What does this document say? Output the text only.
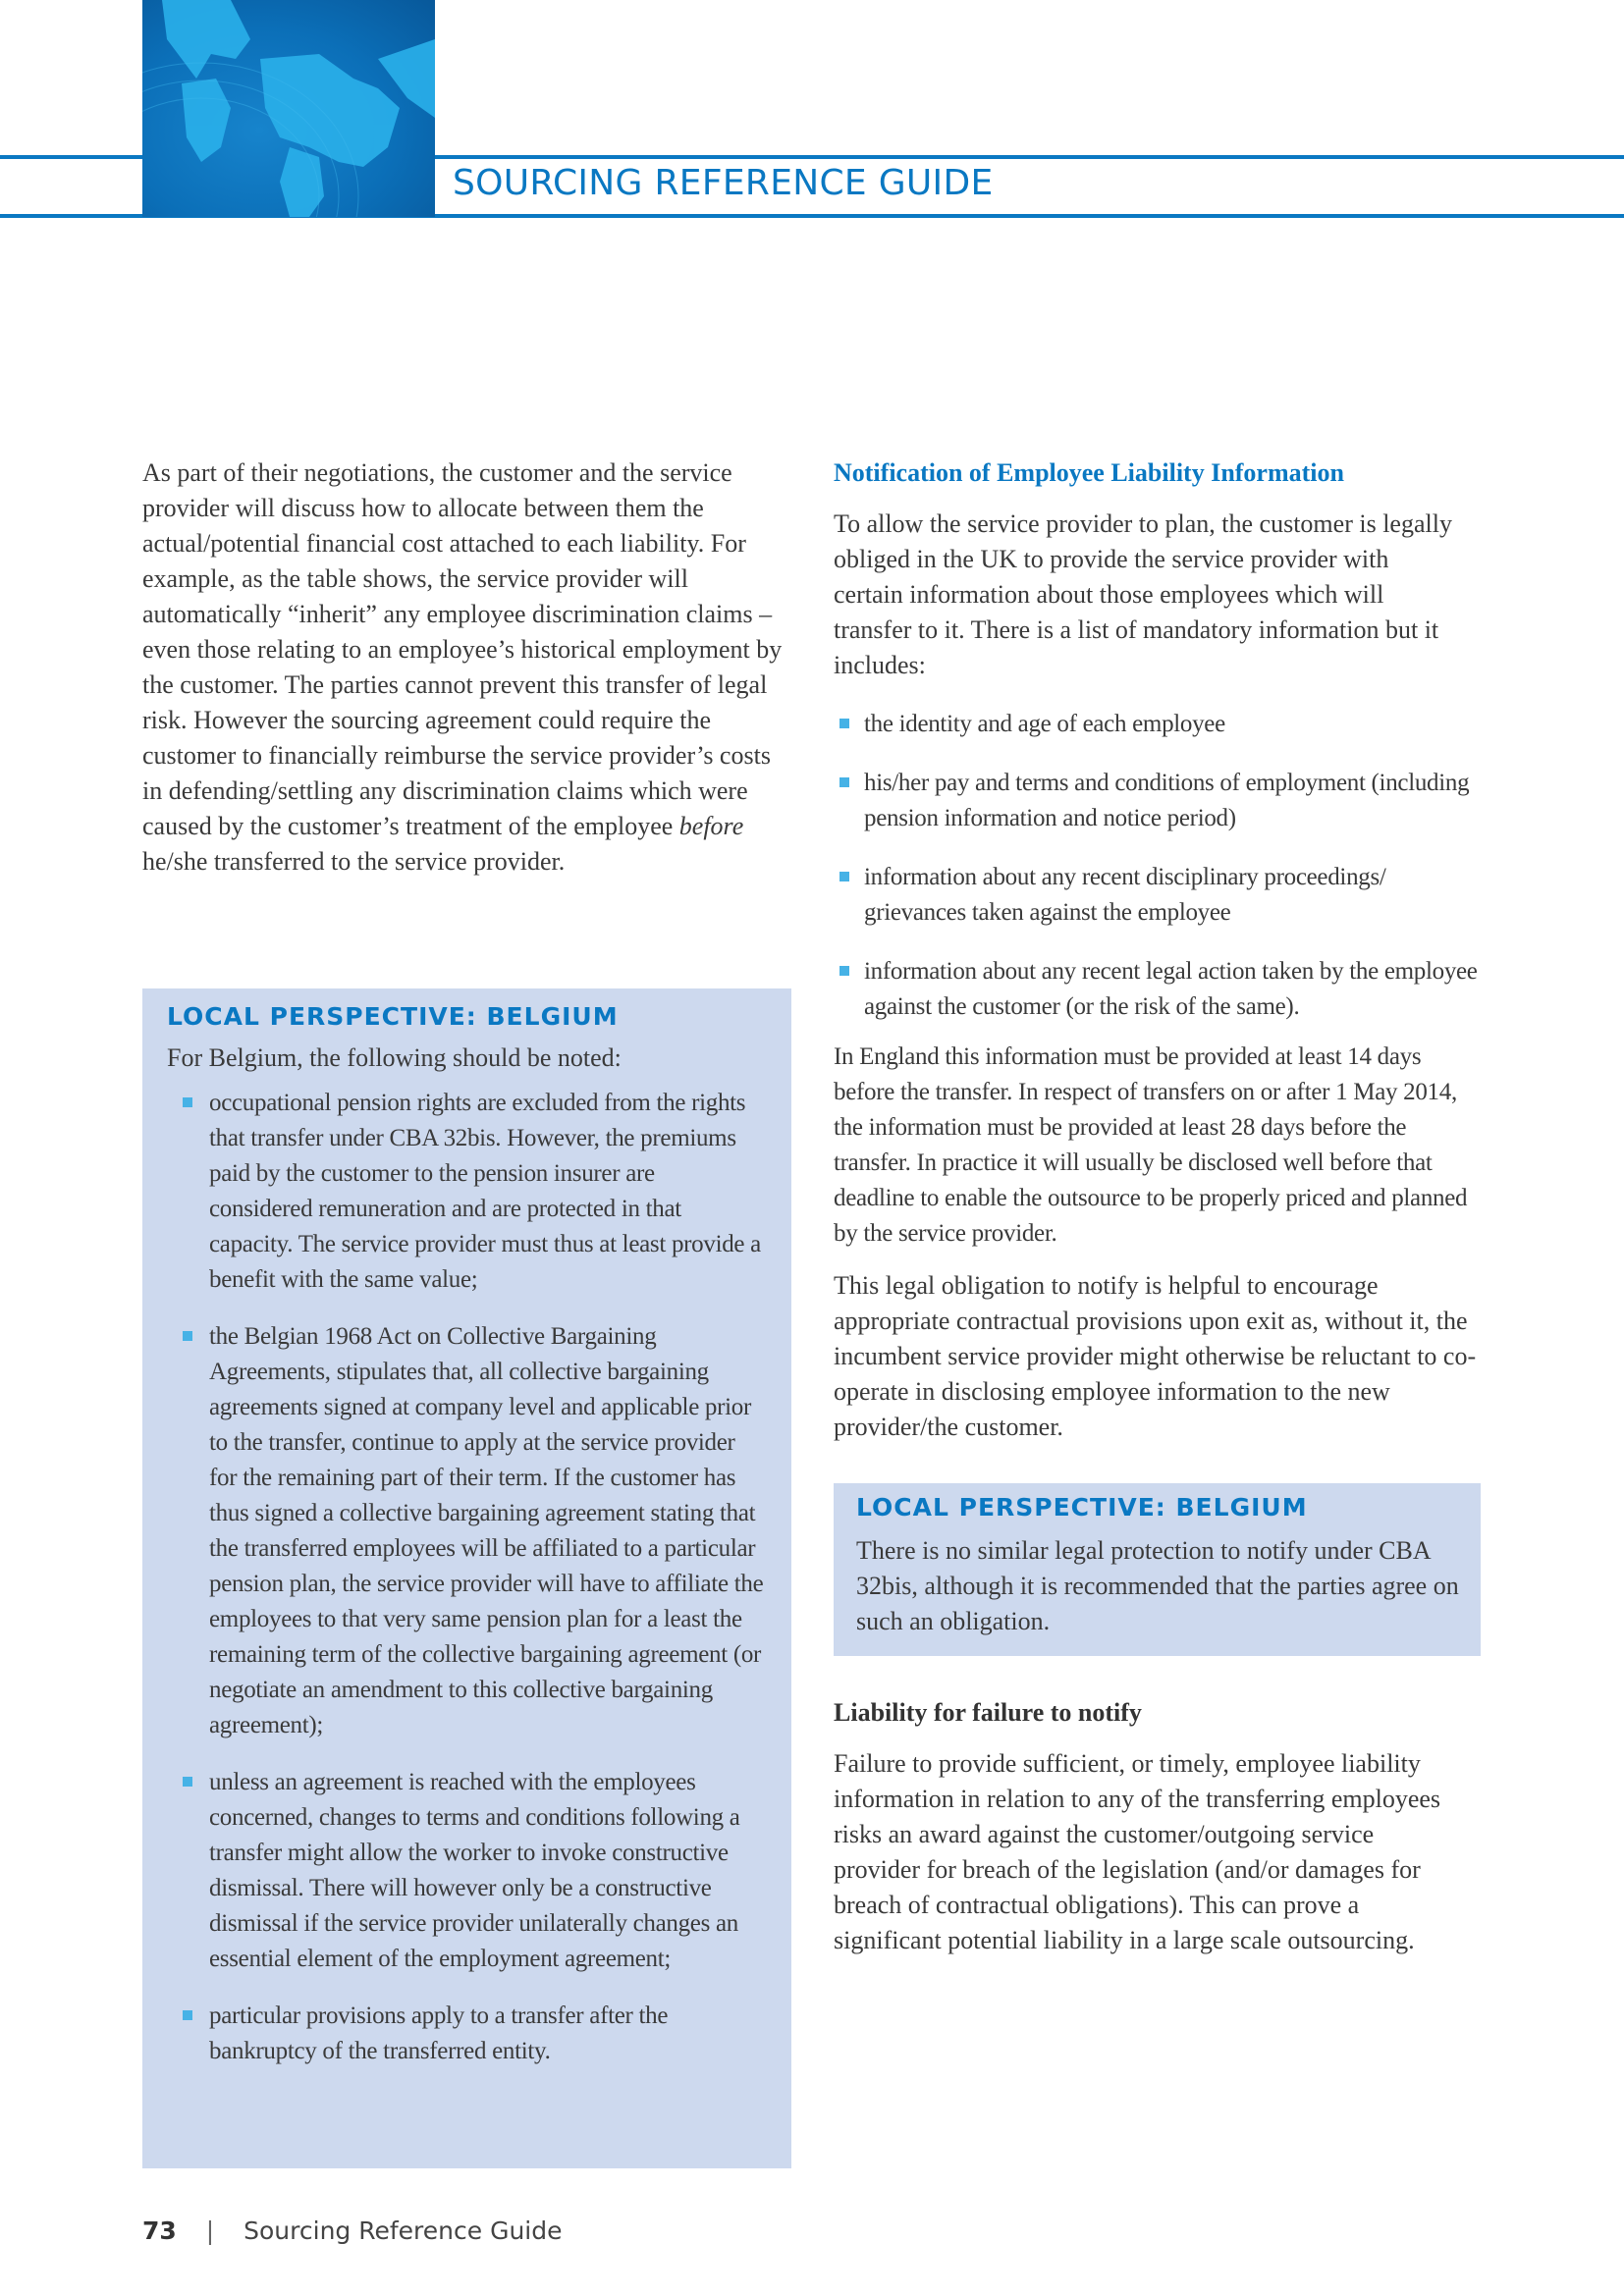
SOURCING REFERENCE GUIDE

As part of their negotiations, the customer and the service provider will discuss how to allocate between them the actual/potential financial cost attached to each liability. For example, as the table shows, the service provider will automatically “inherit” any employee discrimination claims – even those relating to an employee’s historical employment by the customer. The parties cannot prevent this transfer of legal risk. However the sourcing agreement could require the customer to financially reimburse the service provider’s costs in defending/settling any discrimination claims which were caused by the customer’s treatment of the employee before he/she transferred to the service provider.

LOCAL PERSPECTIVE: BELGIUM
For Belgium, the following should be noted:
occupational pension rights are excluded from the rights that transfer under CBA 32bis. However, the premiums paid by the customer to the pension insurer are considered remuneration and are protected in that capacity. The service provider must thus at least provide a benefit with the same value;
the Belgian 1968 Act on Collective Bargaining Agreements, stipulates that, all collective bargaining agreements signed at company level and applicable prior to the transfer, continue to apply at the service provider for the remaining part of their term. If the customer has thus signed a collective bargaining agreement stating that the transferred employees will be affiliated to a particular pension plan, the service provider will have to affiliate the employees to that very same pension plan for a least the remaining term of the collective bargaining agreement (or negotiate an amendment to this collective bargaining agreement);
unless an agreement is reached with the employees concerned, changes to terms and conditions following a transfer might allow the worker to invoke constructive dismissal. There will however only be a constructive dismissal if the service provider unilaterally changes an essential element of the employment agreement;
particular provisions apply to a transfer after the bankruptcy of the transferred entity.
Notification of Employee Liability Information
To allow the service provider to plan, the customer is legally obliged in the UK to provide the service provider with certain information about those employees which will transfer to it. There is a list of mandatory information but it includes:
the identity and age of each employee
his/her pay and terms and conditions of employment (including pension information and notice period)
information about any recent disciplinary proceedings/ grievances taken against the employee
information about any recent legal action taken by the employee against the customer (or the risk of the same).
In England this information must be provided at least 14 days before the transfer. In respect of transfers on or after 1 May 2014, the information must be provided at least 28 days before the transfer. In practice it will usually be disclosed well before that deadline to enable the outsource to be properly priced and planned by the service provider.
This legal obligation to notify is helpful to encourage appropriate contractual provisions upon exit as, without it, the incumbent service provider might otherwise be reluctant to co-operate in disclosing employee information to the new provider/the customer.
LOCAL PERSPECTIVE: BELGIUM
There is no similar legal protection to notify under CBA 32bis, although it is recommended that the parties agree on such an obligation.
Liability for failure to notify
Failure to provide sufficient, or timely, employee liability information in relation to any of the transferring employees risks an award against the customer/outgoing service provider for breach of the legislation (and/or damages for breach of contractual obligations). This can prove a significant potential liability in a large scale outsourcing.
73 | Sourcing Reference Guide
